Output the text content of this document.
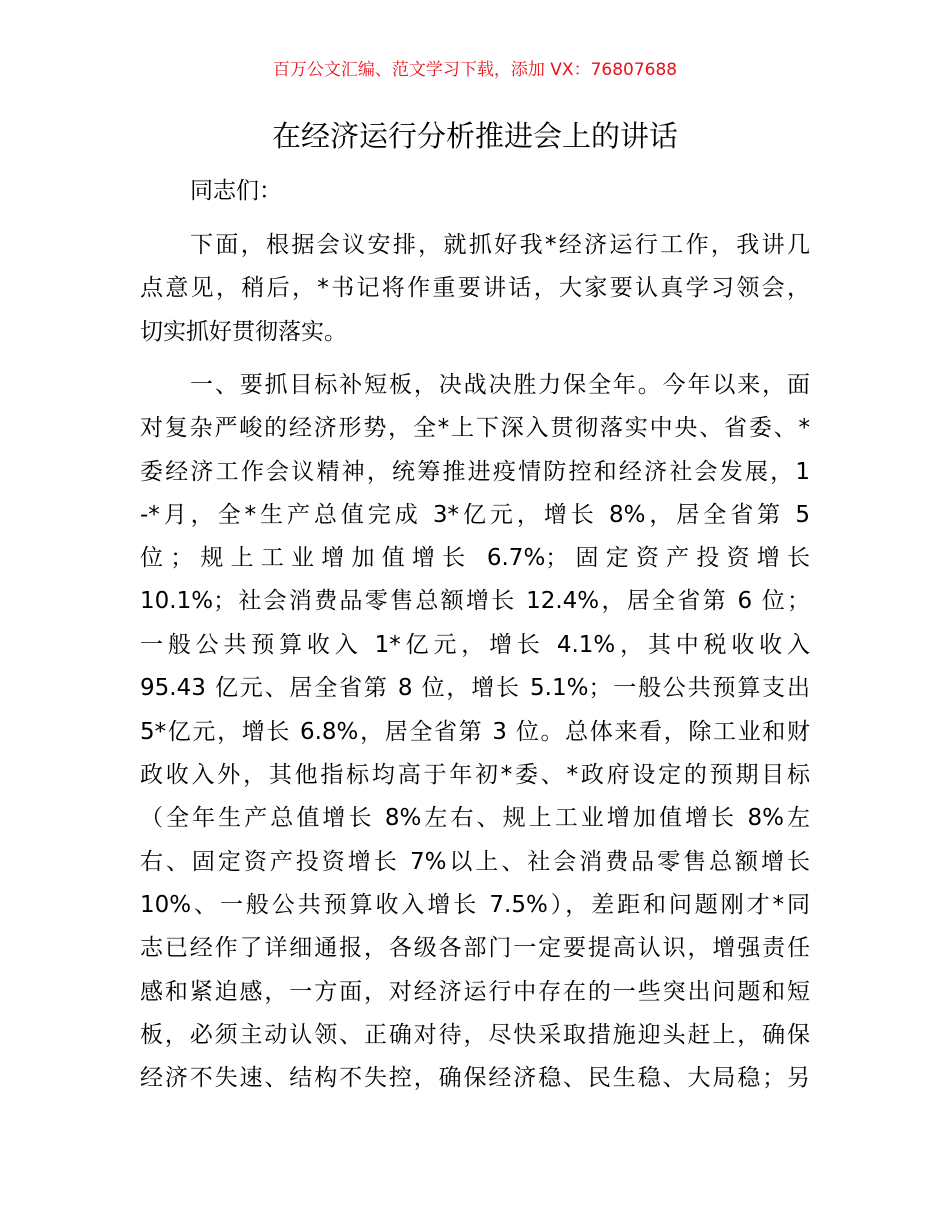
百万公文汇编、范文学习下载，添加 VX：76807688
在经济运行分析推进会上的讲话
同志们：
下面，根据会议安排，就抓好我*经济运行工作，我讲几
点意见，稍后，*书记将作重要讲话，大家要认真学习领会，
切实抓好贯彻落实。
一、要抓目标补短板，决战决胜力保全年。今年以来，面
对复杂严峻的经济形势，全*上下深入贯彻落实中央、省委、*
委经济工作会议精神，统筹推进疫情防控和经济社会发展，1
-*月，全*生产总值完成 3*亿元，增长 8%，居全省第 5
位；规上工业增加值增长 6.7%；固定资产投资增长
10.1%；社会消费品零售总额增长 12.4%，居全省第 6 位；
一般公共预算收入 1*亿元，增长 4.1%，其中税收收入
95.43 亿元、居全省第 8 位，增长 5.1%；一般公共预算支出
5*亿元，增长 6.8%，居全省第 3 位。总体来看，除工业和财
政收入外，其他指标均高于年初*委、*政府设定的预期目标
（全年生产总值增长 8%左右、规上工业增加值增长 8%左
右、固定资产投资增长 7%以上、社会消费品零售总额增长
10%、一般公共预算收入增长 7.5%），差距和问题刚才*同
志已经作了详细通报，各级各部门一定要提高认识，增强责任
感和紧迫感，一方面，对经济运行中存在的一些突出问题和短
板，必须主动认领、正确对待，尽快采取措施迎头赶上，确保
经济不失速、结构不失控，确保经济稳、民生稳、大局稳；另
